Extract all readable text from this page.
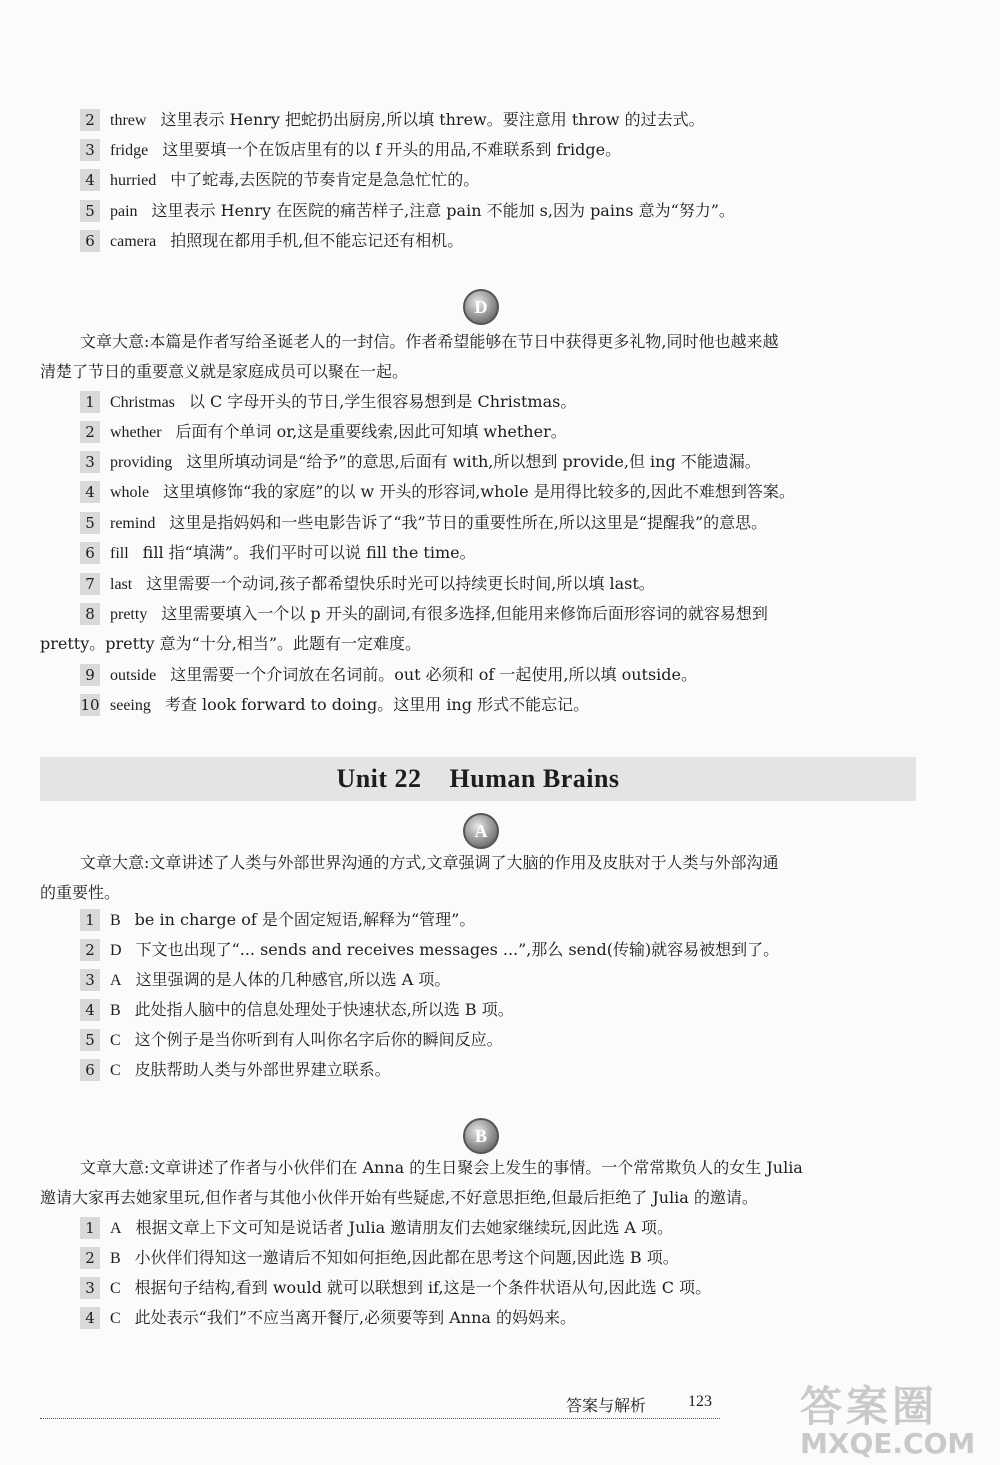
2 threw 这里表示 Henry 把蛇扔出厨房,所以填 threw。要注意用 throw 的过去式。
3 fridge 这里要填一个在饭店里有的以 f 开头的用品,不难联系到 fridge。
4 hurried 中了蛇毒,去医院的节奏肯定是急急忙忙的。
5 pain 这里表示 Henry 在医院的痛苦样子,注意 pain 不能加 s,因为 pains 意为“努力”。
6 camera 拍照现在都用手机,但不能忘记还有相机。
D
文章大意:本篇是作者写给圣诞老人的一封信。作者希望能够在节日中获得更多礼物,同时他也越来越
清楚了节日的重要意义就是家庭成员可以聚在一起。
1 Christmas 以 C 字母开头的节日,学生很容易想到是 Christmas。
2 whether 后面有个单词 or,这是重要线索,因此可知填 whether。
3 providing 这里所填动词是“给予”的意思,后面有 with,所以想到 provide,但 ing 不能遗漏。
4 whole 这里填修饰“我的家庭”的以 w 开头的形容词,whole 是用得比较多的,因此不难想到答案。
5 remind 这里是指妈妈和一些电影告诉了“我”节日的重要性所在,所以这里是“提醒我”的意思。
6 fill fill 指“填满”。我们平时可以说 fill the time。
7 last 这里需要一个动词,孩子都希望快乐时光可以持续更长时间,所以填 last。
8 pretty 这里需要填入一个以 p 开头的副词,有很多选择,但能用来修饰后面形容词的就容易想到
pretty。pretty 意为“十分,相当”。此题有一定难度。
9 outside 这里需要一个介词放在名词前。out 必须和 of 一起使用,所以填 outside。
10 seeing 考查 look forward to doing。这里用 ing 形式不能忘记。
Unit 22    Human Brains
A
文章大意:文章讲述了人类与外部世界沟通的方式,文章强调了大脑的作用及皮肤对于人类与外部沟通
的重要性。
1 B be in charge of 是个固定短语,解释为“管理”。
2 D 下文也出现了“... sends and receives messages ...”,那么 send(传输)就容易被想到了。
3 A 这里强调的是人体的几种感官,所以选 A 项。
4 B 此处指人脑中的信息处理处于快速状态,所以选 B 项。
5 C 这个例子是当你听到有人叫你名字后你的瞬间反应。
6 C 皮肤帮助人类与外部世界建立联系。
B
文章大意:文章讲述了作者与小伙伴们在 Anna 的生日聚会上发生的事情。一个常常欺负人的女生 Julia
邀请大家再去她家里玩,但作者与其他小伙伴开始有些疑虑,不好意思拒绝,但最后拒绝了 Julia 的邀请。
1 A 根据文章上下文可知是说话者 Julia 邀请朋友们去她家继续玩,因此选 A 项。
2 B 小伙伴们得知这一邀请后不知如何拒绝,因此都在思考这个问题,因此选 B 项。
3 C 根据句子结构,看到 would 就可以联想到 if,这是一个条件状语从句,因此选 C 项。
4 C 此处表示“我们”不应当离开餐厅,必须要等到 Anna 的妈妈来。
答案与解析	123 答案圈
MXQE.COM
